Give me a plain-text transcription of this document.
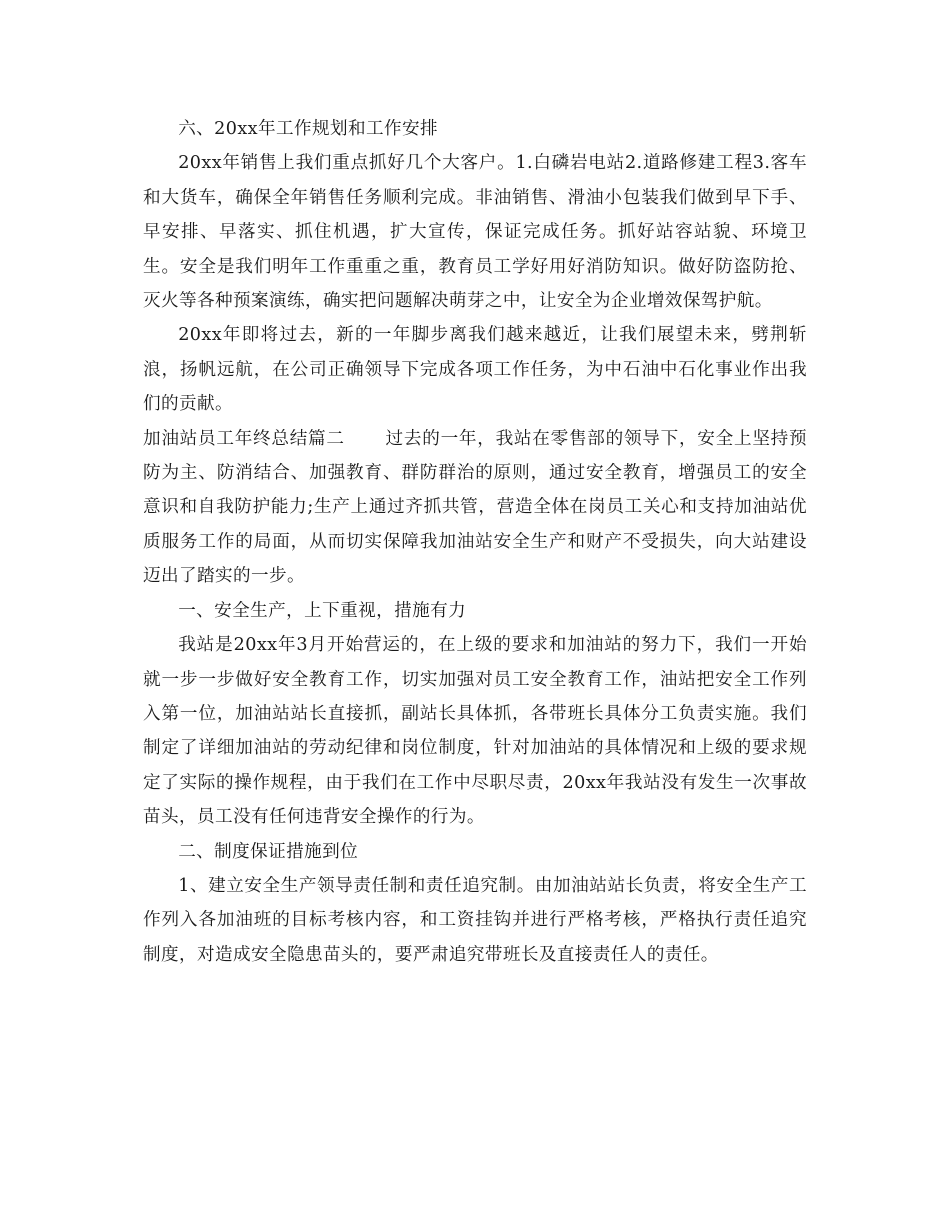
六、20xx年工作规划和工作安排

20xx年销售上我们重点抓好几个大客户。1.白磷岩电站2.道路修建工程3.客车和大货车，确保全年销售任务顺利完成。非油销售、滑油小包装我们做到早下手、早安排、早落实、抓住机遇，扩大宣传，保证完成任务。抓好站容站貌、环境卫生。安全是我们明年工作重重之重，教育员工学好用好消防知识。做好防盗防抢、灭火等各种预案演练，确实把问题解决萌芽之中，让安全为企业增效保驾护航。

20xx年即将过去，新的一年脚步离我们越来越近，让我们展望未来，劈荆斩浪，扬帆远航，在公司正确领导下完成各项工作任务，为中石油中石化事业作出我们的贡献。

加油站员工年终总结篇二 过去的一年，我站在零售部的领导下，安全上坚持预防为主、防消结合、加强教育、群防群治的原则，通过安全教育，增强员工的安全意识和自我防护能力;生产上通过齐抓共管，营造全体在岗员工关心和支持加油站优质服务工作的局面，从而切实保障我加油站安全生产和财产不受损失，向大站建设迈出了踏实的一步。

一、安全生产，上下重视，措施有力

我站是20xx年3月开始营运的，在上级的要求和加油站的努力下，我们一开始就一步一步做好安全教育工作，切实加强对员工安全教育工作，油站把安全工作列入第一位，加油站站长直接抓，副站长具体抓，各带班长具体分工负责实施。我们制定了详细加油站的劳动纪律和岗位制度，针对加油站的具体情况和上级的要求规定了实际的操作规程，由于我们在工作中尽职尽责，20xx年我站没有发生一次事故苗头，员工没有任何违背安全操作的行为。

二、制度保证措施到位

1、建立安全生产领导责任制和责任追究制。由加油站站长负责，将安全生产工作列入各加油班的目标考核内容，和工资挂钩并进行严格考核，严格执行责任追究制度，对造成安全隐患苗头的，要严肃追究带班长及直接责任人的责任。
